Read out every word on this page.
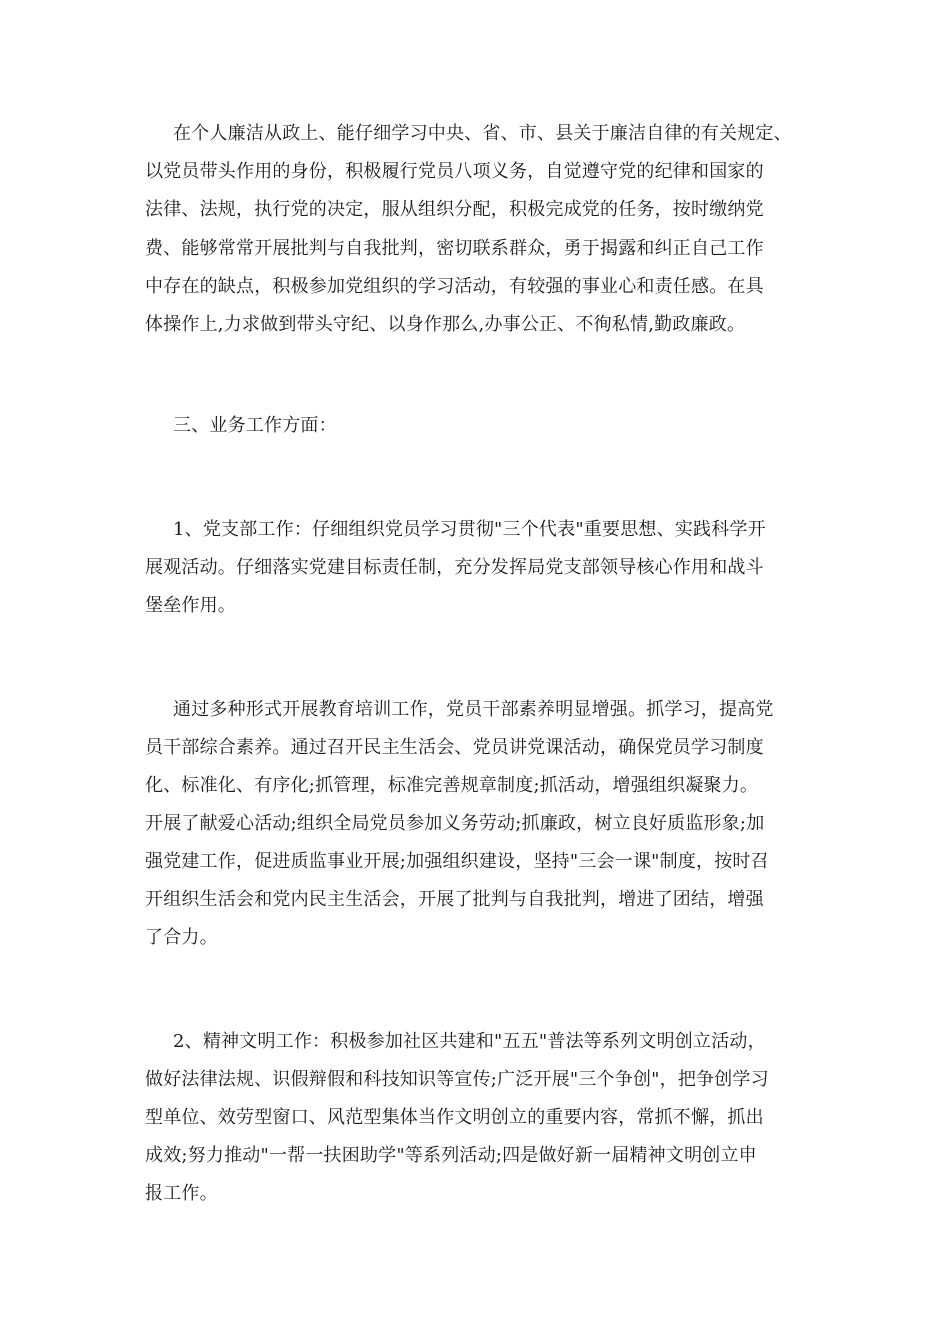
在个人廉洁从政上、能仔细学习中央、省、市、县关于廉洁自律的有关规定、
以党员带头作用的身份，积极履行党员八项义务，自觉遵守党的纪律和国家的
法律、法规，执行党的决定，服从组织分配，积极完成党的任务，按时缴纳党
费、能够常常开展批判与自我批判，密切联系群众，勇于揭露和纠正自己工作
中存在的缺点，积极参加党组织的学习活动，有较强的事业心和责任感。在具
体操作上,力求做到带头守纪、以身作那么,办事公正、不徇私情,勤政廉政。
三、业务工作方面：
1、党支部工作：仔细组织党员学习贯彻"三个代表"重要思想、实践科学开
展观活动。仔细落实党建目标责任制，充分发挥局党支部领导核心作用和战斗
堡垒作用。
通过多种形式开展教育培训工作，党员干部素养明显增强。抓学习，提高党
员干部综合素养。通过召开民主生活会、党员讲党课活动，确保党员学习制度
化、标准化、有序化;抓管理，标准完善规章制度;抓活动，增强组织凝聚力。
开展了献爱心活动;组织全局党员参加义务劳动;抓廉政，树立良好质监形象;加
强党建工作，促进质监事业开展;加强组织建设，坚持"三会一课"制度，按时召
开组织生活会和党内民主生活会，开展了批判与自我批判，增进了团结，增强
了合力。
2、精神文明工作：积极参加社区共建和"五五"普法等系列文明创立活动，
做好法律法规、识假辩假和科技知识等宣传;广泛开展"三个争创"，把争创学习
型单位、效劳型窗口、风范型集体当作文明创立的重要内容，常抓不懈，抓出
成效;努力推动"一帮一扶困助学"等系列活动;四是做好新一届精神文明创立申
报工作。
